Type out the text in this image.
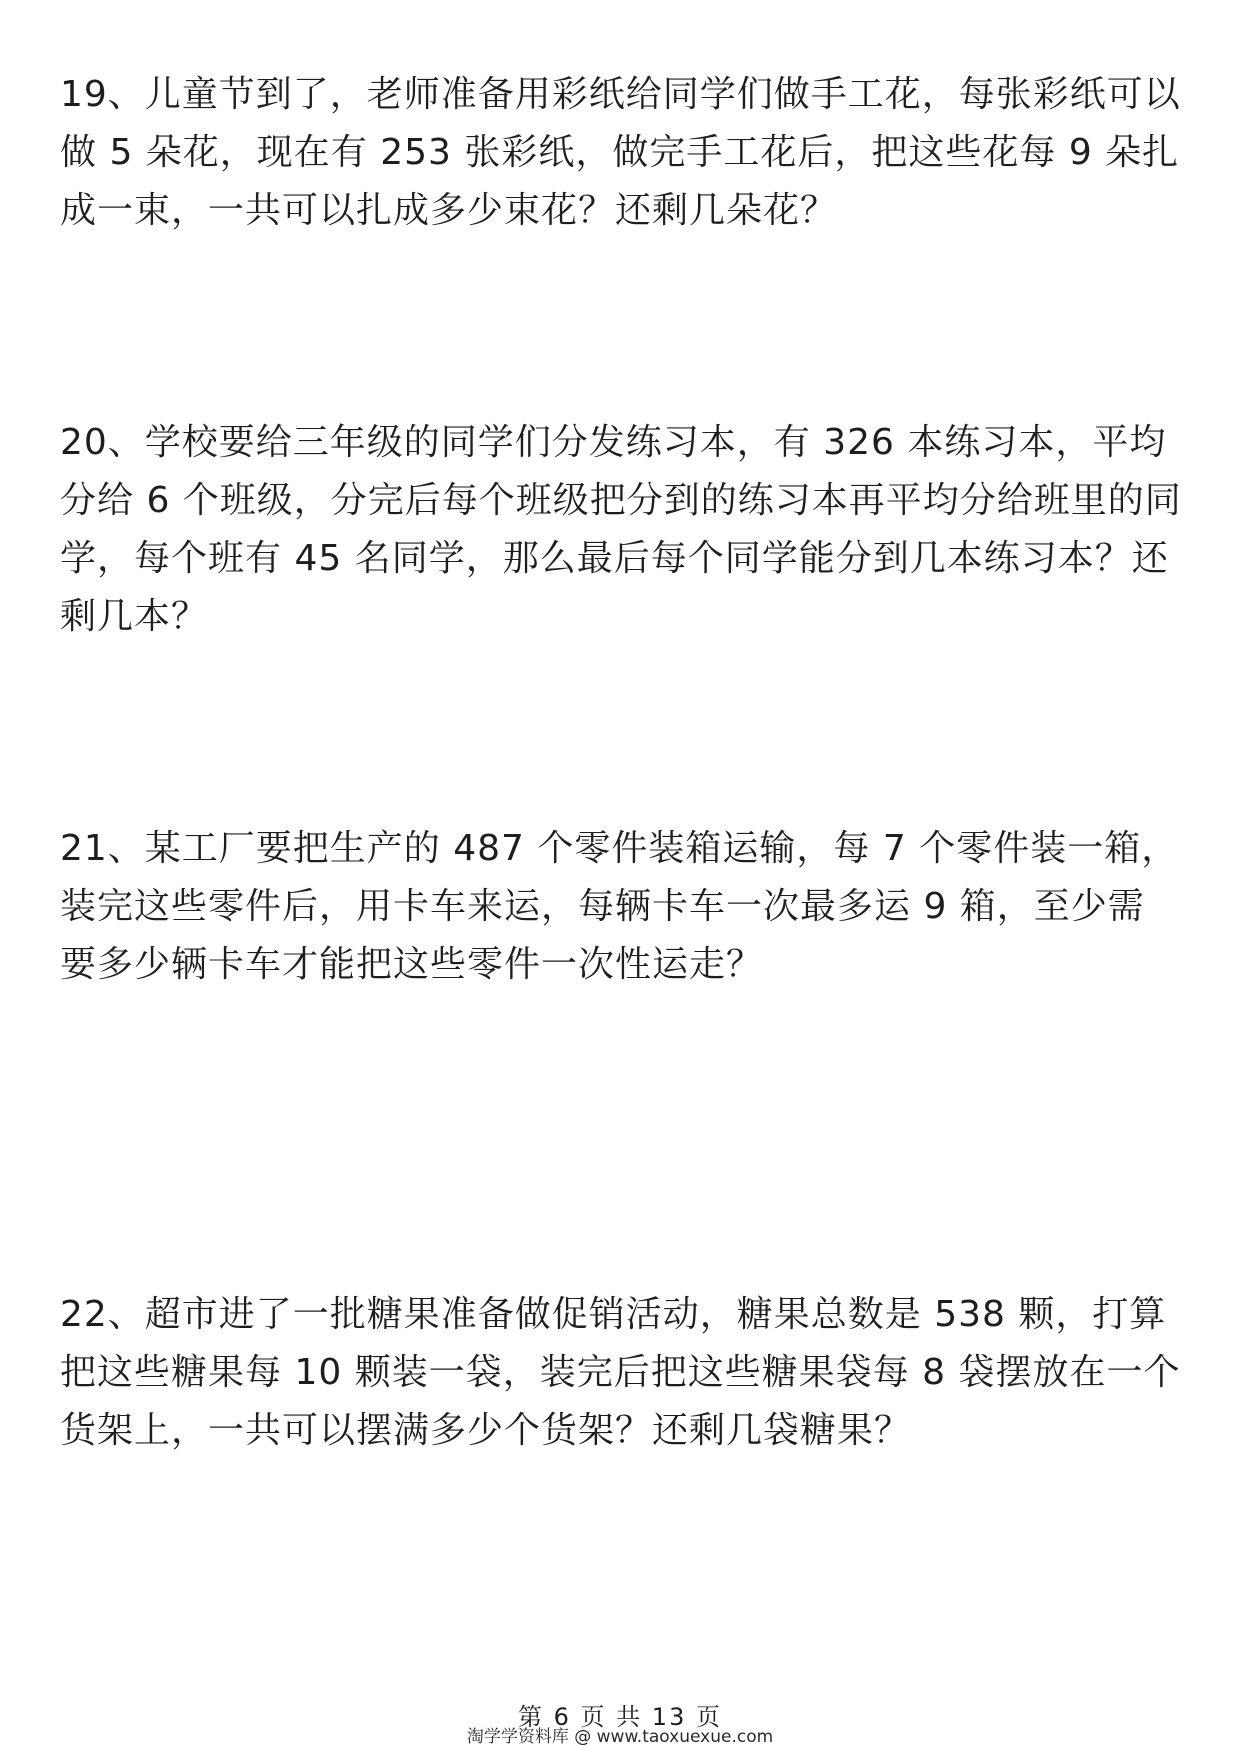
19、儿童节到了，老师准备用彩纸给同学们做手工花，每张彩纸可以
做 5 朵花，现在有 253 张彩纸，做完手工花后，把这些花每 9 朵扎
成一束，一共可以扎成多少束花？还剩几朵花？
20、学校要给三年级的同学们分发练习本，有 326 本练习本，平均
分给 6 个班级，分完后每个班级把分到的练习本再平均分给班里的同
学，每个班有 45 名同学，那么最后每个同学能分到几本练习本？还
剩几本？
21、某工厂要把生产的 487 个零件装箱运输，每 7 个零件装一箱，
装完这些零件后，用卡车来运，每辆卡车一次最多运 9 箱，至少需
要多少辆卡车才能把这些零件一次性运走？
22、超市进了一批糖果准备做促销活动，糖果总数是 538 颗，打算
把这些糖果每 10 颗装一袋，装完后把这些糖果袋每 8 袋摆放在一个
货架上，一共可以摆满多少个货架？还剩几袋糖果？
第 6 页 共 13 页
淘学学资料库 @ www.taoxuexue.com
